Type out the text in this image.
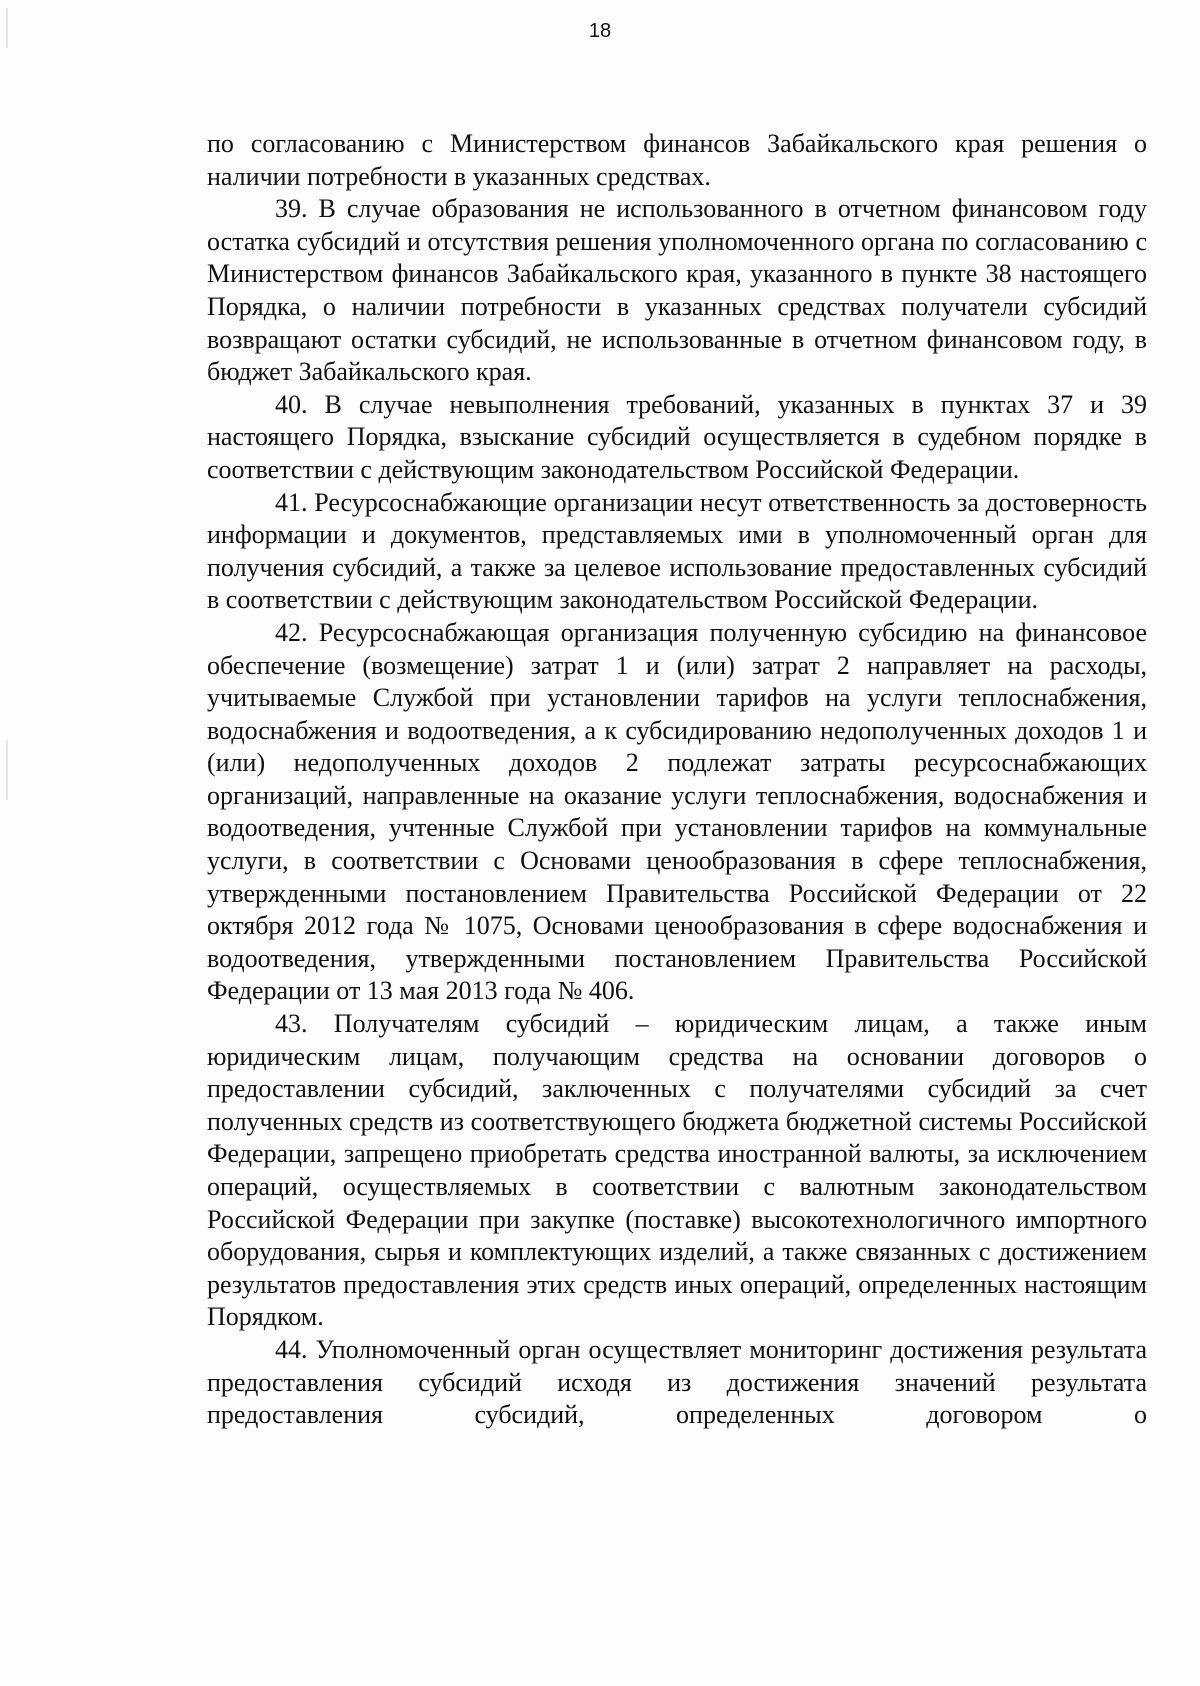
18

по согласованию с Министерством финансов Забайкальского края решения о наличии потребности в указанных средствах.

39. В случае образования не использованного в отчетном финансовом году остатка субсидий и отсутствия решения уполномоченного органа по согласованию с Министерством финансов Забайкальского края, указанного в пункте 38 настоящего Порядка, о наличии потребности в указанных средствах получатели субсидий возвращают остатки субсидий, не использованные в отчетном финансовом году, в бюджет Забайкальского края.

40. В случае невыполнения требований, указанных в пунктах 37 и 39 настоящего Порядка, взыскание субсидий осуществляется в судебном порядке в соответствии с действующим законодательством Российской Федерации.

41. Ресурсоснабжающие организации несут ответственность за достоверность информации и документов, представляемых ими в уполномоченный орган для получения субсидий, а также за целевое использование предоставленных субсидий в соответствии с действующим законодательством Российской Федерации.

42. Ресурсоснабжающая организация полученную субсидию на финансовое обеспечение (возмещение) затрат 1 и (или) затрат 2 направляет на расходы, учитываемые Службой при установлении тарифов на услуги теплоснабжения, водоснабжения и водоотведения, а к субсидированию недополученных доходов 1 и (или) недополученных доходов 2 подлежат затраты ресурсоснабжающих организаций, направленные на оказание услуги теплоснабжения, водоснабжения и водоотведения, учтенные Службой при установлении тарифов на коммунальные услуги, в соответствии с Основами ценообразования в сфере теплоснабжения, утвержденными постановлением Правительства Российской Федерации от 22 октября 2012 года № 1075, Основами ценообразования в сфере водоснабжения и водоотведения, утвержденными постановлением Правительства Российской Федерации от 13 мая 2013 года № 406.

43. Получателям субсидий – юридическим лицам, а также иным юридическим лицам, получающим средства на основании договоров о предоставлении субсидий, заключенных с получателями субсидий за счет полученных средств из соответствующего бюджета бюджетной системы Российской Федерации, запрещено приобретать средства иностранной валюты, за исключением операций, осуществляемых в соответствии с валютным законодательством Российской Федерации при закупке (поставке) высокотехнологичного импортного оборудования, сырья и комплектующих изделий, а также связанных с достижением результатов предоставления этих средств иных операций, определенных настоящим Порядком.

44. Уполномоченный орган осуществляет мониторинг достижения результата предоставления субсидий исходя из достижения значений результата предоставления субсидий, определенных договором о
